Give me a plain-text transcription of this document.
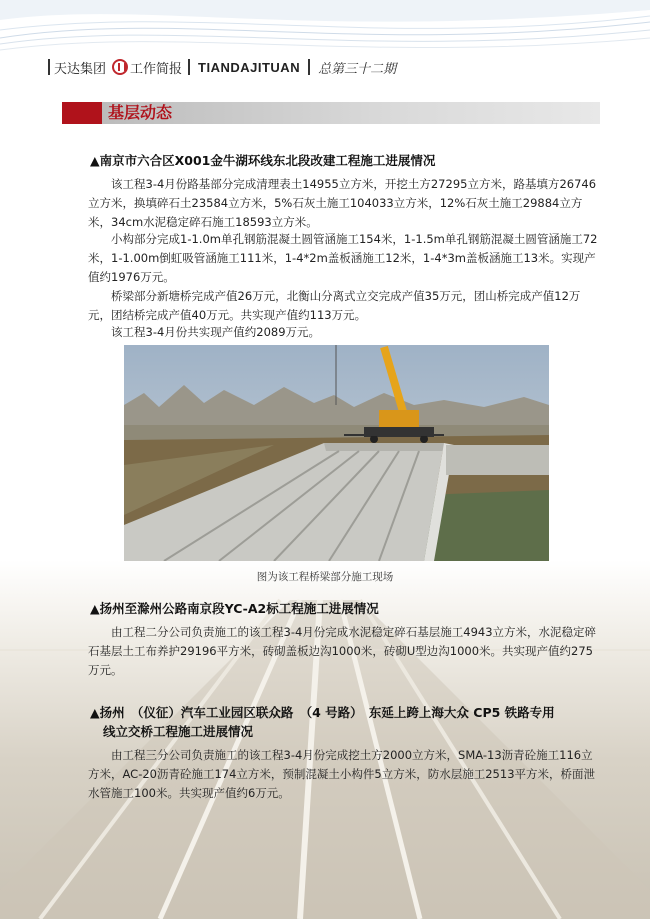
天达集团 工作简报 TIANDAJITUAN 总第三十二期
基层动态
▲南京市六合区X001金牛湖环线东北段改建工程施工进展情况

该工程3-4月份路基部分完成清理表土14955立方米，开挖土方27295立方米，路基填方26746立方米，换填碎石土23584立方米，5%石灰土施工104033立方米，12%石灰土施工29884立方米，34cm水泥稳定碎石施工18593立方米。

小构部分完成1-1.0m单孔钢筋混凝土圆管涵施工154米，1-1.5m单孔钢筋混凝土圆管涵施工72米，1-1.00m倒虹吸管涵施工111米，1-4*2m盖板涵施工12米，1-4*3m盖板涵施工13米。实现产值约1976万元。

桥梁部分新塘桥完成产值26万元，北衡山分离式立交完成产值35万元，团山桥完成产值12万元，团结桥完成产值40万元。共实现产值约113万元。

该工程3-4月份共实现产值约2089万元。

图为该工程桥梁部分施工现场
▲扬州至滁州公路南京段YC-A2标工程施工进展情况

由工程二分公司负责施工的该工程3-4月份完成水泥稳定碎石基层施工4943立方米，水泥稳定碎石基层土工布养护29196平方米，砖砌盖板边沟1000米，砖砌U型边沟1000米。共实现产值约275万元。

▲扬州　（仪征）汽车工业园区联众路　（4 号路）　东延上跨上海大众 CP5 铁路专用
线立交桥工程施工进展情况

由工程三分公司负责施工的该工程3-4月份完成挖土方2000立方米，SMA-13沥青砼施工116立方米，AC-20沥青砼施工174立方米，预制混凝土小构件5立方米，防水层施工2513平方米，桥面泄水管施工100米。共实现产值约6万元。
